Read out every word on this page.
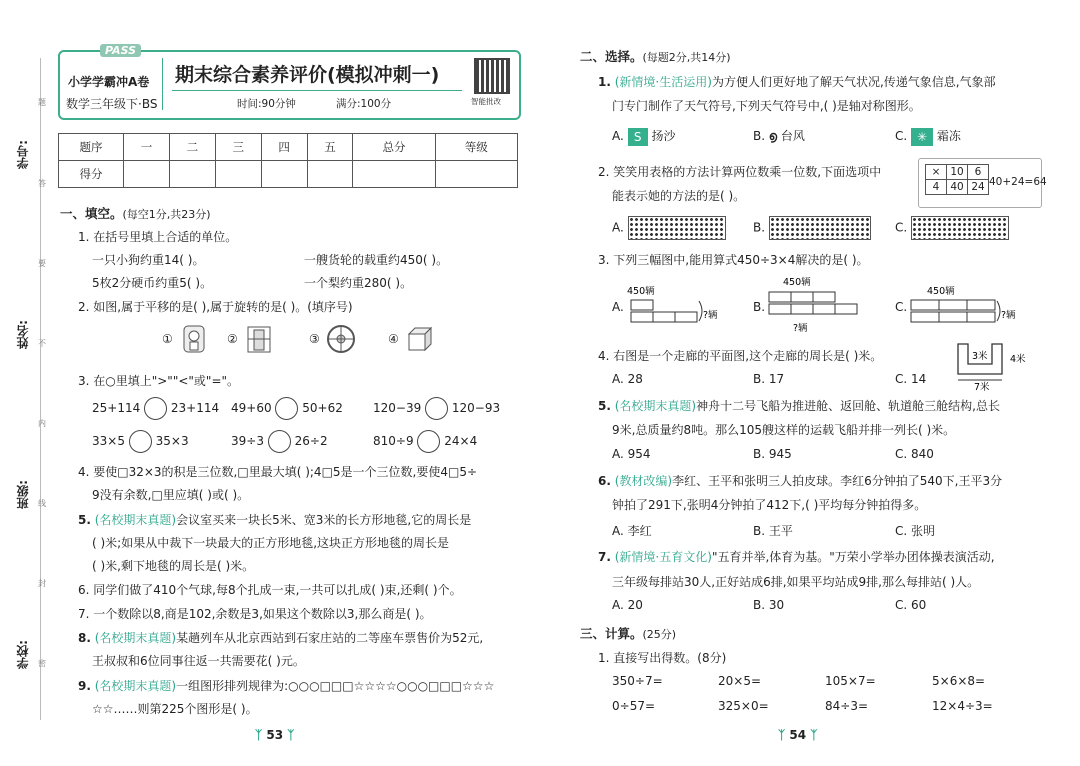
学号:
姓名:
班级:
学校:
题
答
要
不
内
线
封
密
PASS
小学学霸冲A卷
数学三年级下·BS
期末综合素养评价(模拟冲刺一)
时间:90分钟	满分:100分	智能批改
题序	一	二	三	四	五	总分	等级
得分							
一、填空。(每空1分,共23分)
1. 在括号里填上合适的单位。
一只小狗约重14( )。	一艘货轮的载重约450( )。
5枚2分硬币约重5( )。	一个梨约重280( )。
2. 如图,属于平移的是( ),属于旋转的是( )。(填序号)
①	②	③	④
3. 在○里填上">""<"或"="。
25+114	23+114 49+60	50+62	120−39	120−93
33×5	35×3	39÷3	26÷2	810÷9	24×4
4. 要使□32×3的积是三位数,□里最大填( );4□5是一个三位数,要使4□5÷
9没有余数,□里应填( )或( )。
5. (名校期末真题)会议室买来一块长5米、宽3米的长方形地毯,它的周长是
( )米;如果从中裁下一块最大的正方形地毯,这块正方形地毯的周长是
( )米,剩下地毯的周长是( )米。
6. 同学们做了410个气球,每8个扎成一束,一共可以扎成( )束,还剩( )个。
7. 一个数除以8,商是102,余数是3,如果这个数除以3,那么商是( )。
8. (名校期末真题)某趟列车从北京西站到石家庄站的二等座车票售价为52元,
王叔叔和6位同事往返一共需要花( )元。
9. (名校期末真题)一组图形排列规律为:○○○□□□☆☆☆☆○○○□□□☆☆☆
☆☆……则第225个图形是( )。
ᛉ 53 ᛉ
二、选择。(每题2分,共14分)
1. (新情境·生活运用)为方便人们更好地了解天气状况,传递气象信息,气象部
门专门制作了天气符号,下列天气符号中,( )是轴对称图形。
A. S 扬沙	B. ൭ 台风	C. ✳ 霜冻
2. 笑笑用表格的方法计算两位数乘一位数,下面选项中
能表示她的方法的是( )。
×	10	6
4	40	24 40+24=64
A.	B.	C.
3. 下列三幅图中,能用算式450÷3×4解决的是( )。
A.
450辆
?辆
B.
450辆
?辆
C.
450辆
?辆
4. 右图是一个走廊的平面图,这个走廊的周长是( )米。
A. 28	B. 17	C. 14
3米 4米
7米
5. (名校期末真题)神舟十二号飞船为推进舱、返回舱、轨道舱三舱结构,总长
9米,总质量约8吨。那么105艘这样的运载飞船并排一列长( )米。
A. 954	B. 945	C. 840
6. (教材改编)李红、王平和张明三人拍皮球。李红6分钟拍了540下,王平3分
钟拍了291下,张明4分钟拍了412下,( )平均每分钟拍得多。
A. 李红	B. 王平	C. 张明
7. (新情境·五育文化)"五育并举,体育为基。"万荣小学举办团体操表演活动,
三年级每排站30人,正好站成6排,如果平均站成9排,那么每排站( )人。
A. 20	B. 30	C. 60
三、计算。(25分)
1. 直接写出得数。(8分)
350÷7=	20×5=	105×7=	5×6×8=
0÷57=	325×0=	84÷3=	12×4÷3=
ᛉ 54 ᛉ
